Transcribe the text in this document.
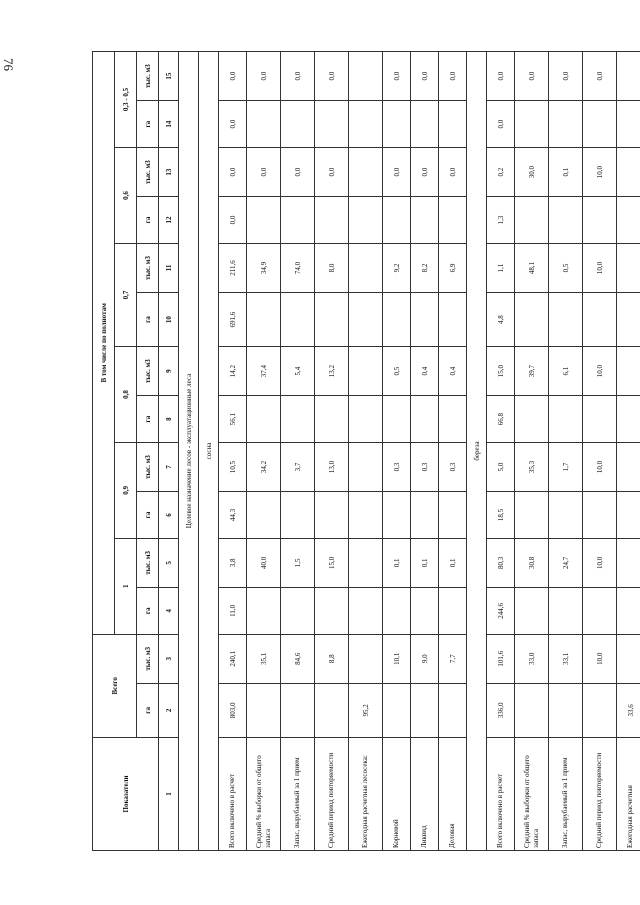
76
Показатели	Всего		В том числе по полнотам											
			1		0,9		0,8		0,7		0,6		0,3 - 0,5	
	га	тыс. м3	га	тыс. м3	га	тыс. м3	га	тыс. м3	га	тыс. м3	га	тыс. м3	га	тыс. м3
1	2	3	4	5	6	7	8	9	10	11	12	13	14	15
Целевое назначение лесов - эксплуатационные леса														
сосна														
Всего включено в расчет	803,0	240,1	11,0	3,8	44,3	10,5	56,1	14,2	691,6	211,6	0,0	0,0	0,0	0,0
Средний % выборки от общего запаса		35,1		40,0		34,2		37,4		34,9		0,0		0,0
Запас, вырубаемый за 1 прием		84,6		1,5		3,7		5,4		74,0		0,0		0,0
Средний период повторяемости		8,8		15,0		13,0		13,2		8,0		0,0		0,0
Ежегодная расчетная лесосека:	95,2													
Корневой		10,1		0,1		0,3		0,5		9,2		0,0		0,0
Ликвид		9,0		0,1		0,3		0,4		8,2		0,0		0,0
Деловая		7,7		0,1		0,3		0,4		6,9		0,0		0,0
береза														
Всего включено в расчет	336,0	101,6	244,6	80,3	18,5	5,0	66,8	15,0	4,8	1,1	1,3	0,2	0,0	0,0
Средний % выборки от общего запаса		33,0		30,8		35,3		39,7		48,1		30,0		0,0
Запас, вырубаемый за 1 прием		33,1		24,7		1,7		6,1		0,5		0,1		0,0
Средний период повторяемости		10,0		10,0		10,0		10,0		10,0		10,0		0,0
Ежегодная расчетная	33,6													
